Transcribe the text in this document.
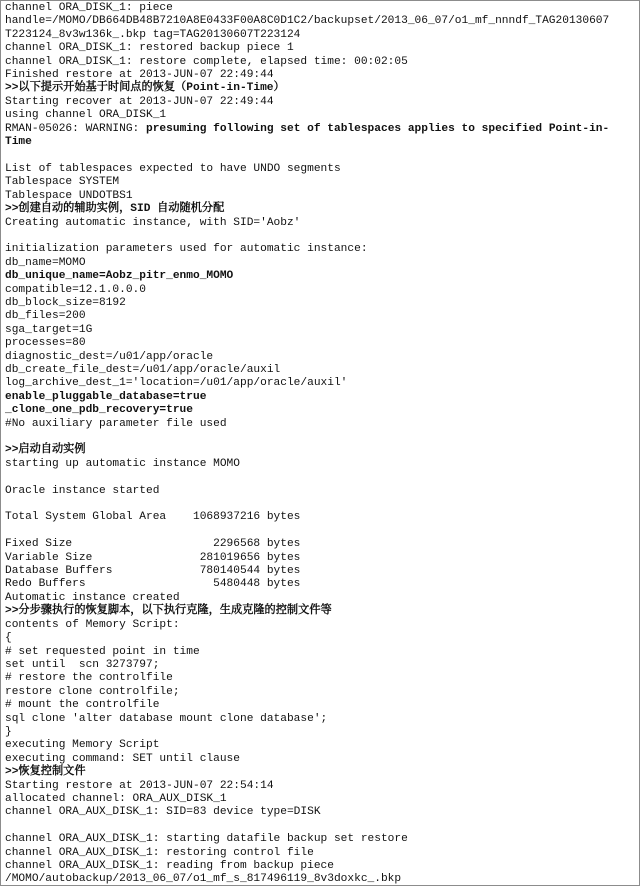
channel ORA_DISK_1: piece
handle=/MOMO/DB664DB48B7210A8E0433F00A8C0D1C2/backupset/2013_06_07/o1_mf_nnndf_TAG20130607
T223124_8v3w136k_.bkp tag=TAG20130607T223124
channel ORA_DISK_1: restored backup piece 1
channel ORA_DISK_1: restore complete, elapsed time: 00:02:05
Finished restore at 2013-JUN-07 22:49:44
>>以下提示开始基于时间点的恢复（Point-in-Time）
Starting recover at 2013-JUN-07 22:49:44
using channel ORA_DISK_1
RMAN-05026: WARNING: presuming following set of tablespaces applies to specified Point-in-
Time
List of tablespaces expected to have UNDO segments
Tablespace SYSTEM
Tablespace UNDOTBS1
>>创建自动的辅助实例，SID 自动随机分配
Creating automatic instance, with SID='Aobz'
initialization parameters used for automatic instance:
db_name=MOMO
db_unique_name=Aobz_pitr_enmo_MOMO
compatible=12.1.0.0.0
db_block_size=8192
db_files=200
sga_target=1G
processes=80
diagnostic_dest=/u01/app/oracle
db_create_file_dest=/u01/app/oracle/auxil
log_archive_dest_1='location=/u01/app/oracle/auxil'
enable_pluggable_database=true
_clone_one_pdb_recovery=true
#No auxiliary parameter file used
>>启动自动实例
starting up automatic instance MOMO
Oracle instance started
Total System Global Area    1068937216 bytes
Fixed Size                     2296568 bytes
Variable Size                281019656 bytes
Database Buffers             780140544 bytes
Redo Buffers                   5480448 bytes
Automatic instance created
>>分步骤执行的恢复脚本，以下执行克隆，生成克隆的控制文件等
contents of Memory Script:
{
# set requested point in time
set until  scn 3273797;
# restore the controlfile
restore clone controlfile;
# mount the controlfile
sql clone 'alter database mount clone database';
}
executing Memory Script
executing command: SET until clause
>>恢复控制文件
Starting restore at 2013-JUN-07 22:54:14
allocated channel: ORA_AUX_DISK_1
channel ORA_AUX_DISK_1: SID=83 device type=DISK
channel ORA_AUX_DISK_1: starting datafile backup set restore
channel ORA_AUX_DISK_1: restoring control file
channel ORA_AUX_DISK_1: reading from backup piece
/MOMO/autobackup/2013_06_07/o1_mf_s_817496119_8v3doxkc_.bkp
